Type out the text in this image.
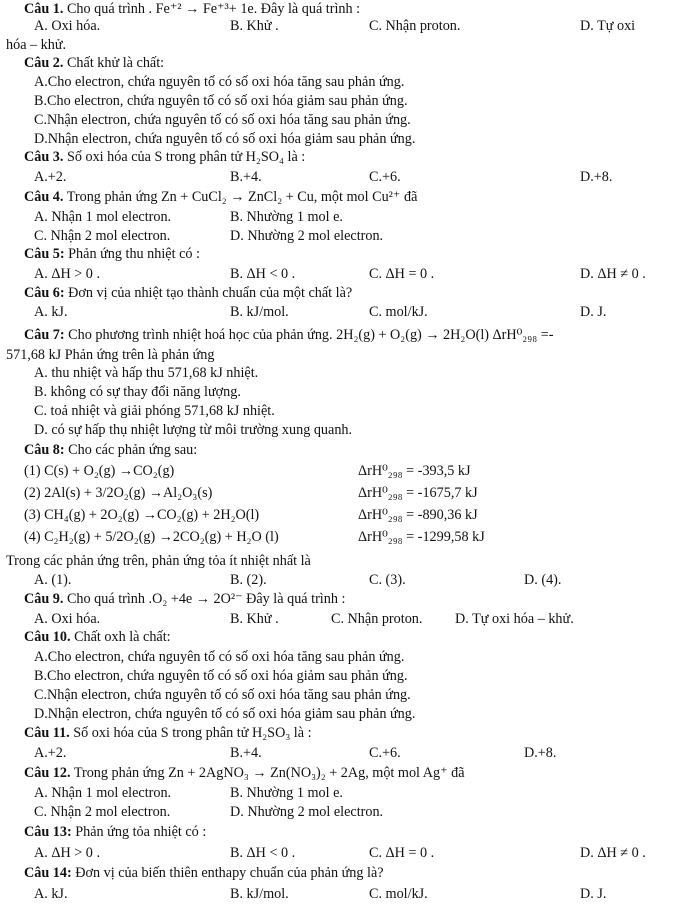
Câu 1. Cho quá trình . Fe⁺² → Fe⁺³+ 1e. Đây là quá trình :
A. Oxi hóa.	B. Khử .	C. Nhận proton.	D. Tự oxi
hóa – khử.
Câu 2. Chất khử là chất:
A.Cho electron, chứa nguyên tố có số oxi hóa tăng sau phản ứng.
B.Cho electron, chứa nguyên tố có số oxi hóa giảm sau phản ứng.
C.Nhận electron, chứa nguyên tố có số oxi hóa tăng sau phản ứng.
D.Nhận electron, chứa nguyên tố có số oxi hóa giảm sau phản ứng.
Câu 3. Số oxi hóa của S trong phân tử H₂SO₄ là :
A.+2.	B.+4.	C.+6.	D.+8.
Câu 4. Trong phản ứng Zn + CuCl₂ → ZnCl₂ + Cu, một mol Cu²⁺ đã
A. Nhận 1 mol electron.	B. Nhường 1 mol e.
C. Nhận 2 mol electron.	D. Nhường 2 mol electron.
Câu 5: Phản ứng thu nhiệt có :
A. ΔH > 0 .	B. ΔH < 0 .	C. ΔH = 0 .	D. ΔH ≠ 0 .
Câu 6: Đơn vị của nhiệt tạo thành chuẩn của một chất là?
A. kJ.	B. kJ/mol.	C. mol/kJ.	D. J.
Câu 7: Cho phương trình nhiệt hoá học của phản ứng. 2H₂(g) + O₂(g) → 2H₂O(l) ΔrH⁰₂₉₈ =-
571,68 kJ Phản ứng trên là phản ứng
A. thu nhiệt và hấp thu 571,68 kJ nhiệt.
B. không có sự thay đổi năng lượng.
C. toả nhiệt và giải phóng 571,68 kJ nhiệt.
D. có sự hấp thụ nhiệt lượng từ môi trường xung quanh.
Câu 8: Cho các phản ứng sau:
(1) C(s) + O₂(g) →CO₂(g)	ΔrH⁰₂₉₈ = -393,5 kJ
(2) 2Al(s) + 3/2O₂(g) →Al₂O₃(s)	ΔrH⁰₂₉₈ = -1675,7 kJ
(3) CH₄(g) + 2O₂(g) →CO₂(g) + 2H₂O(l)	ΔrH⁰₂₉₈ = -890,36 kJ
(4) C₂H₂(g) + 5/2O₂(g) →2CO₂(g) + H₂O (l)	ΔrH⁰₂₉₈ = -1299,58 kJ
Trong các phản ứng trên, phản ứng tỏa ít nhiệt nhất là
A. (1).	B. (2).	C. (3).	D. (4).
Câu 9. Cho quá trình .O₂ +4e → 2O²⁻ Đây là quá trình :
A. Oxi hóa.	B. Khử .	C. Nhận proton. D. Tự oxi hóa – khử.
Câu 10. Chất oxh là chất:
A.Cho electron, chứa nguyên tố có số oxi hóa tăng sau phản ứng.
B.Cho electron, chứa nguyên tố có số oxi hóa giảm sau phản ứng.
C.Nhận electron, chứa nguyên tố có số oxi hóa tăng sau phản ứng.
D.Nhận electron, chứa nguyên tố có số oxi hóa giảm sau phản ứng.
Câu 11. Số oxi hóa của S trong phân tử H₂SO₃ là :
A.+2.	B.+4.	C.+6.	D.+8.
Câu 12. Trong phản ứng Zn + 2AgNO₃ → Zn(NO₃)₂ + 2Ag, một mol Ag⁺ đã
A. Nhận 1 mol electron.	B. Nhường 1 mol e.
C. Nhận 2 mol electron.	D. Nhường 2 mol electron.
Câu 13: Phản ứng tỏa nhiệt có :
A. ΔH > 0 .	B. ΔH < 0 .	C. ΔH = 0 .	D. ΔH ≠ 0 .
Câu 14: Đơn vị của biến thiên enthapy chuẩn của phản ứng là?
A. kJ.	B. kJ/mol.	C. mol/kJ.	D. J.
